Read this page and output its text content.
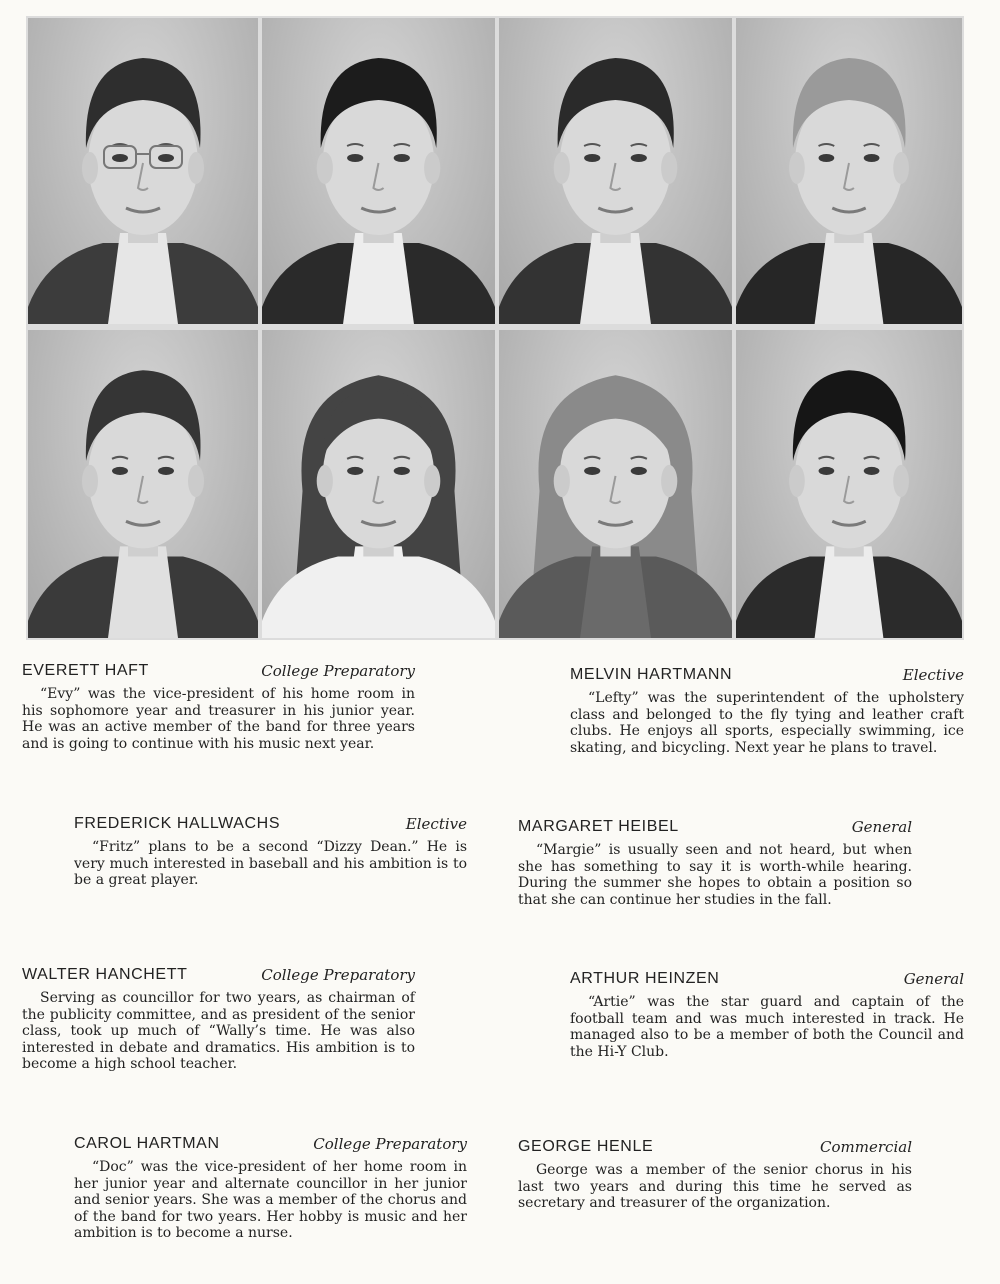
EVERETT HAFT	College Preparatory

“Evy” was the vice-president of his home room in his sophomore year and treasurer in his junior year. He was an active member of the band for three years and is going to continue with his music next year.

MELVIN HARTMANN	Elective

“Lefty” was the superintendent of the upholstery class and belonged to the fly tying and leather craft clubs. He enjoys all sports, especially swimming, ice skating, and bicycling. Next year he plans to travel.

FREDERICK HALLWACHS	Elective

“Fritz” plans to be a second “Dizzy Dean.” He is very much interested in baseball and his ambition is to be a great player.

MARGARET HEIBEL	General

“Margie” is usually seen and not heard, but when she has something to say it is worth-while hearing. During the summer she hopes to obtain a position so that she can continue her studies in the fall.

WALTER HANCHETT	College Preparatory

Serving as councillor for two years, as chairman of the publicity committee, and as president of the senior class, took up much of “Wally’s time. He was also interested in debate and dramatics. His ambition is to become a high school teacher.

ARTHUR HEINZEN	General

“Artie” was the star guard and captain of the football team and was much interested in track. He managed also to be a member of both the Council and the Hi-Y Club.

CAROL HARTMAN	College Preparatory

“Doc” was the vice-president of her home room in her junior year and alternate councillor in her junior and senior years. She was a member of the chorus and of the band for two years. Her hobby is music and her ambition is to become a nurse.

GEORGE HENLE	Commercial

George was a member of the senior chorus in his last two years and during this time he served as secretary and treasurer of the organization.
